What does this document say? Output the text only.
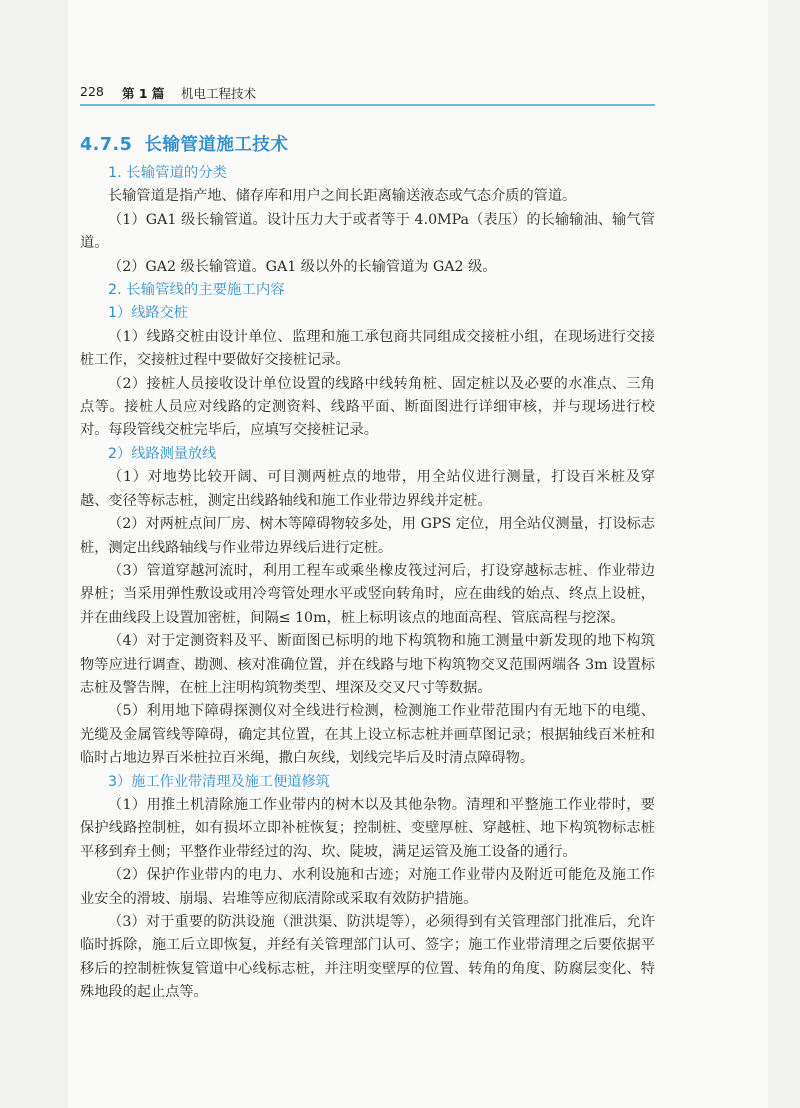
228 第 1 篇 机电工程技术
4.7.5 长输管道施工技术
1. 长输管道的分类

长输管道是指产地、储存库和用户之间长距离输送液态或气态介质的管道。

（1）GA1 级长输管道。设计压力大于或者等于 4.0MPa（表压）的长输输油、输气管道。

（2）GA2 级长输管道。GA1 级以外的长输管道为 GA2 级。

2. 长输管线的主要施工内容
1）线路交桩

（1）线路交桩由设计单位、监理和施工承包商共同组成交接桩小组，在现场进行交接桩工作，交接桩过程中要做好交接桩记录。

（2）接桩人员接收设计单位设置的线路中线转角桩、固定桩以及必要的水准点、三角点等。接桩人员应对线路的定测资料、线路平面、断面图进行详细审核，并与现场进行校对。每段管线交桩完毕后，应填写交接桩记录。

2）线路测量放线

（1）对地势比较开阔、可目测两桩点的地带，用全站仪进行测量，打设百米桩及穿越、变径等标志桩，测定出线路轴线和施工作业带边界线并定桩。

（2）对两桩点间厂房、树木等障碍物较多处，用 GPS 定位，用全站仪测量，打设标志桩，测定出线路轴线与作业带边界线后进行定桩。

（3）管道穿越河流时，利用工程车或乘坐橡皮筏过河后，打设穿越标志桩、作业带边界桩；当采用弹性敷设或用冷弯管处理水平或竖向转角时，应在曲线的始点、终点上设桩，并在曲线段上设置加密桩，间隔≤ 10m，桩上标明该点的地面高程、管底高程与挖深。

（4）对于定测资料及平、断面图已标明的地下构筑物和施工测量中新发现的地下构筑物等应进行调查、勘测、核对准确位置，并在线路与地下构筑物交叉范围两端各 3m 设置标志桩及警告牌，在桩上注明构筑物类型、埋深及交叉尺寸等数据。

（5）利用地下障碍探测仪对全线进行检测，检测施工作业带范围内有无地下的电缆、光缆及金属管线等障碍，确定其位置，在其上设立标志桩并画草图记录；根据轴线百米桩和临时占地边界百米桩拉百米绳，撒白灰线，划线完毕后及时清点障碍物。

3）施工作业带清理及施工便道修筑

（1）用推土机清除施工作业带内的树木以及其他杂物。清理和平整施工作业带时，要保护线路控制桩，如有损坏立即补桩恢复；控制桩、变壁厚桩、穿越桩、地下构筑物标志桩平移到弃土侧；平整作业带经过的沟、坎、陡坡，满足运管及施工设备的通行。

（2）保护作业带内的电力、水利设施和古迹；对施工作业带内及附近可能危及施工作业安全的滑坡、崩塌、岩堆等应彻底清除或采取有效防护措施。

（3）对于重要的防洪设施（泄洪渠、防洪堤等），必须得到有关管理部门批准后，允许临时拆除，施工后立即恢复，并经有关管理部门认可、签字；施工作业带清理之后要依据平移后的控制桩恢复管道中心线标志桩，并注明变壁厚的位置、转角的角度、防腐层变化、特殊地段的起止点等。
